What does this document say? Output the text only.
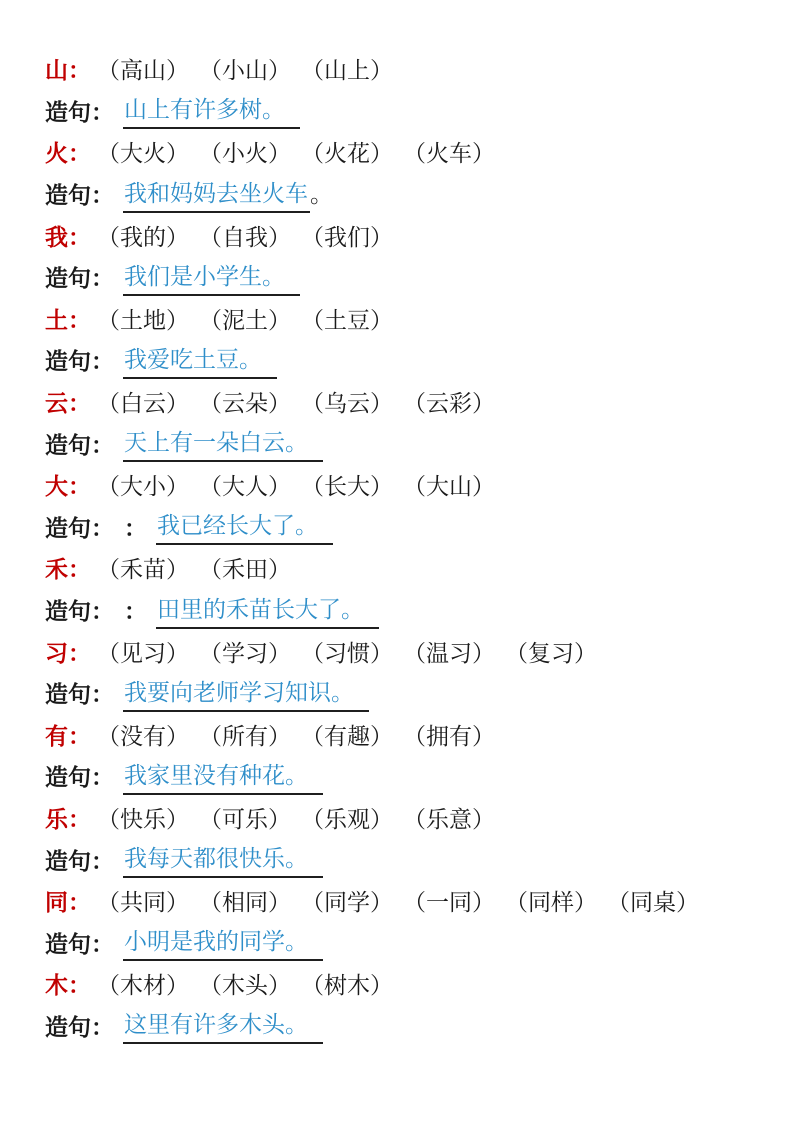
山 ： （高山） （小山） （山上）
造句： 山上有许多树。
火 ： （大火） （小火） （火花） （火车）
造句： 我和妈妈去坐火车 。
我 ： （我的） （自我） （我们）
造句： 我们是小学生。
土 ： （土地） （泥土） （土豆）
造句： 我爱吃土豆。
云 ： （白云） （云朵） （乌云） （云彩）
造句： 天上有一朵白云。
大 ： （大小） （大人） （长大） （大山）
造句： ： 我已经长大了。
禾 ： （禾苗） （禾田）
造句： ： 田里的禾苗长大了。
习 ： （见习） （学习） （习惯） （温习） （复习）
造句： 我要向老师学习知识。
有 ： （没有） （所有） （有趣） （拥有）
造句： 我家里没有种花。
乐 ： （快乐） （可乐） （乐观） （乐意）
造句： 我每天都很快乐。
同 ： （共同） （相同） （同学） （一同） （同样） （同桌）
造句： 小明是我的同学。
木 ： （木材） （木头） （树木）
造句： 这里有许多木头。
